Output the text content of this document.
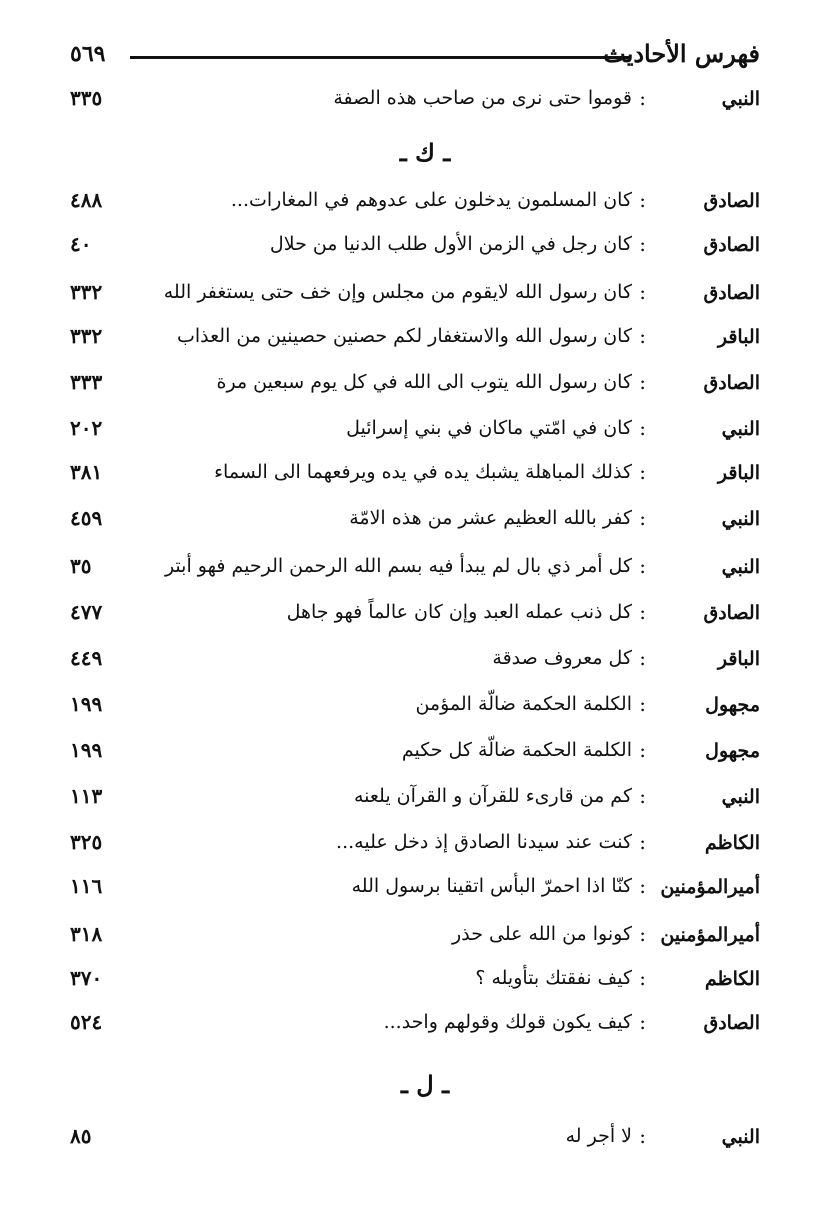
فهرس الأحاديث
٥٦٩
النبي
:
قوموا حتى نرى من صاحب هذه الصفة
٣٣٥
ـ ك ـ
الصادق
:
كان المسلمون يدخلون على عدوهم في المغارات...
٤٨٨
الصادق
:
كان رجل في الزمن الأول طلب الدنيا من حلال
٤٠
الصادق
:
كان رسول الله لايقوم من مجلس وإن خف حتى يستغفر الله
٣٣٢
الباقر
:
كان رسول الله والاستغفار لكم حصنين حصينين من العذاب
٣٣٢
الصادق
:
كان رسول الله يتوب الى الله في كل يوم سبعين مرة
٣٣٣
النبي
:
كان في امّتي ماكان في بني إسرائيل
٢٠٢
الباقر
:
كذلك المباهلة يشبك يده في يده ويرفعهما الى السماء
٣٨١
النبي
:
كفر بالله العظيم عشر من هذه الامّة
٤٥٩
النبي
:
كل أمر ذي بال لم يبدأ فيه بسم الله الرحمن الرحيم فهو أبتر
٣٥
الصادق
:
كل ذنب عمله العبد وإن كان عالماً فهو جاهل
٤٧٧
الباقر
:
كل معروف صدقة
٤٤٩
مجهول
:
الكلمة الحكمة ضالّة المؤمن
١٩٩
مجهول
:
الكلمة الحكمة ضالّة كل حكيم
١٩٩
النبي
:
كم من قارىء للقرآن و القرآن يلعنه
١١٣
الكاظم
:
كنت عند سيدنا الصادق إذ دخل عليه...
٣٢٥
أميرالمؤمنين
:
كنّا اذا احمرّ البأس اتقينا برسول الله
١١٦
أميرالمؤمنين
:
كونوا من الله على حذر
٣١٨
الكاظم
:
كيف نفقتك بتأويله ؟
٣٧٠
الصادق
:
كيف يكون قولك وقولهم واحد...
٥٢٤
ـ ل ـ
النبي
:
لا أجر له
٨٥
